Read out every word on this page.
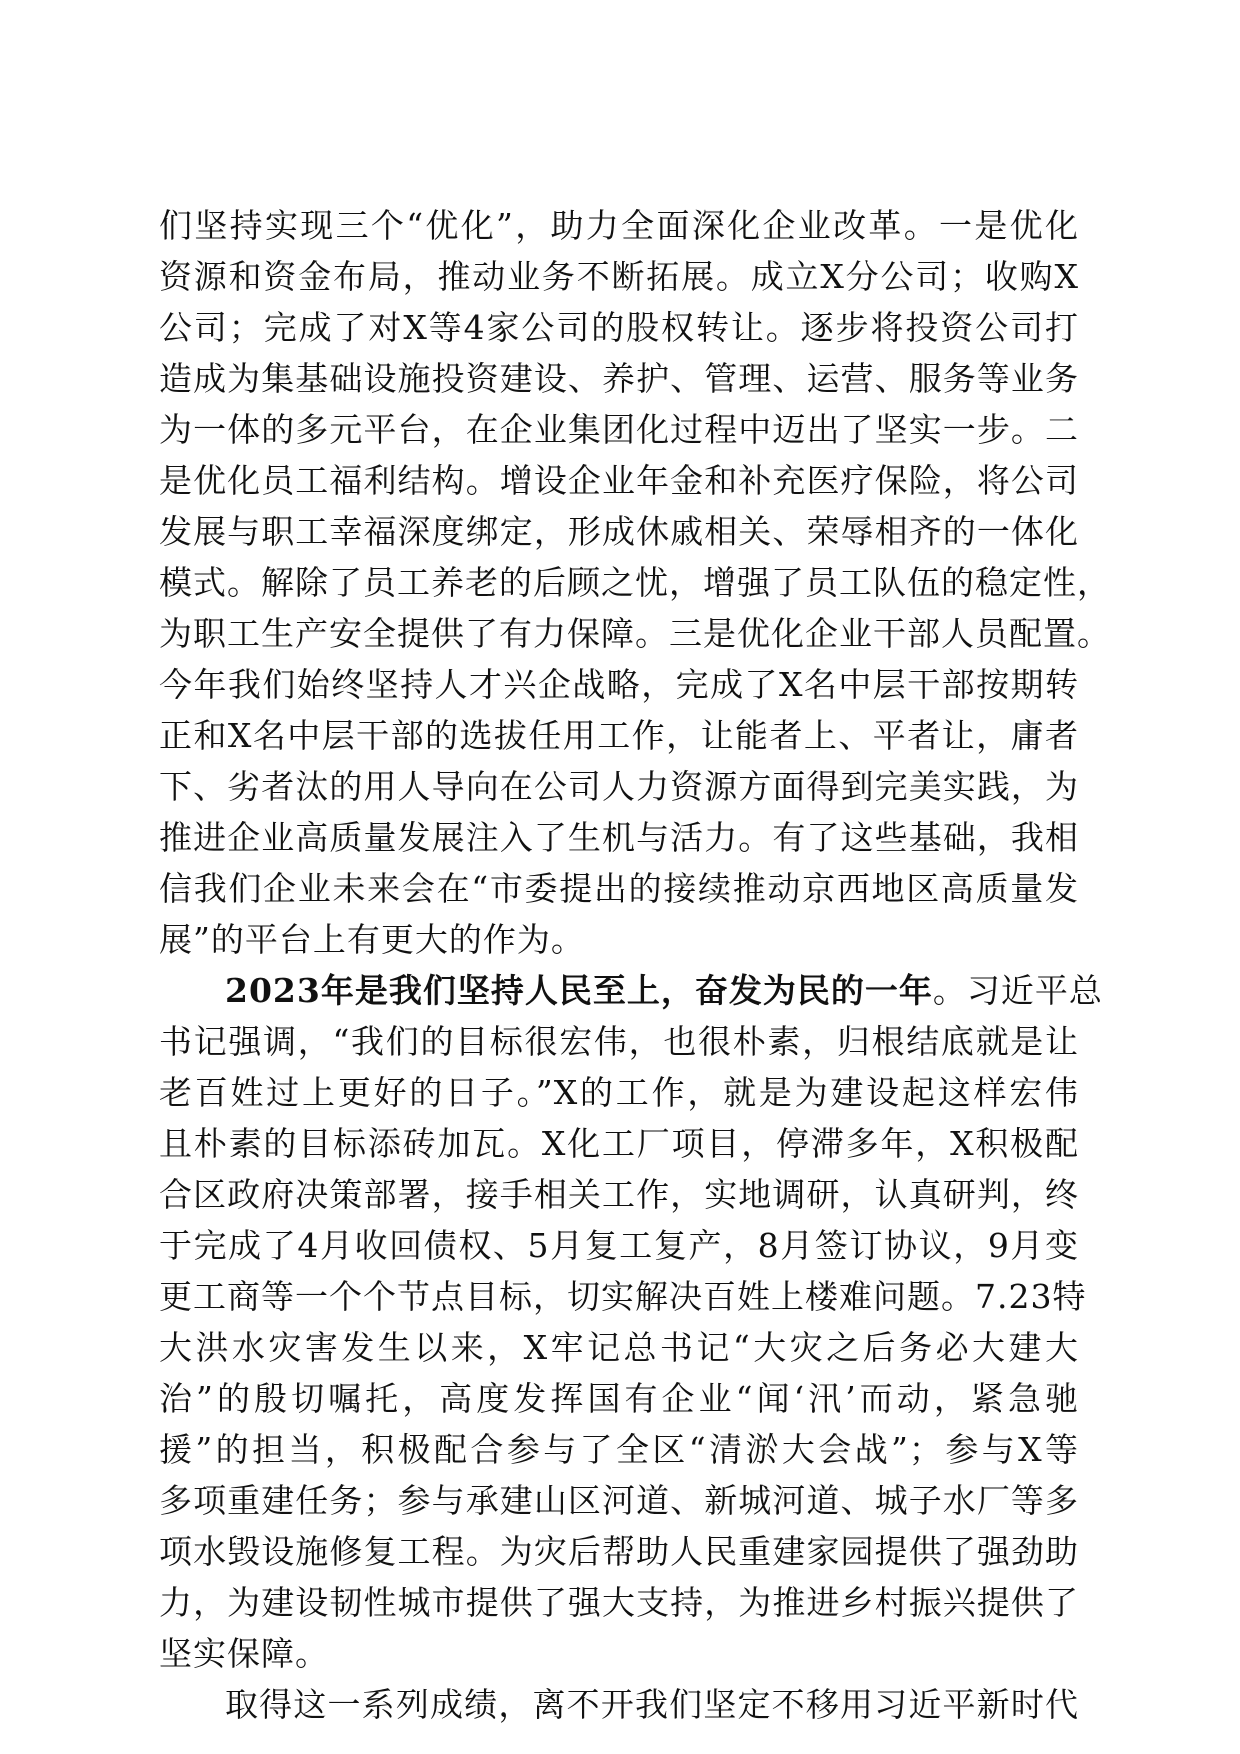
们坚持实现三个“优化”，助力全面深化企业改革。一是优化
资源和资金布局，推动业务不断拓展。成立X分公司；收购X
公司；完成了对X等4家公司的股权转让。逐步将投资公司打
造成为集基础设施投资建设、养护、管理、运营、服务等业务
为一体的多元平台，在企业集团化过程中迈出了坚实一步。二
是优化员工福利结构。增设企业年金和补充医疗保险，将公司
发展与职工幸福深度绑定，形成休戚相关、荣辱相齐的一体化
模式。解除了员工养老的后顾之忧，增强了员工队伍的稳定性，
为职工生产安全提供了有力保障。三是优化企业干部人员配置。
今年我们始终坚持人才兴企战略，完成了X名中层干部按期转
正和X名中层干部的选拔任用工作，让能者上、平者让，庸者
下、劣者汰的用人导向在公司人力资源方面得到完美实践，为
推进企业高质量发展注入了生机与活力。有了这些基础，我相
信我们企业未来会在“市委提出的接续推动京西地区高质量发
展”的平台上有更大的作为。
2023年是我们坚持人民至上，奋发为民的一年。习近平总
书记强调，“我们的目标很宏伟，也很朴素，归根结底就是让
老百姓过上更好的日子。”X的工作，就是为建设起这样宏伟
且朴素的目标添砖加瓦。X化工厂项目，停滞多年，X积极配
合区政府决策部署，接手相关工作，实地调研，认真研判，终
于完成了4月收回债权、5月复工复产，8月签订协议，9月变
更工商等一个个节点目标，切实解决百姓上楼难问题。7.23特
大洪水灾害发生以来，X牢记总书记“大灾之后务必大建大
治”的殷切嘱托，高度发挥国有企业“闻‘汛’而动，紧急驰
援”的担当，积极配合参与了全区“清淤大会战”；参与X等
多项重建任务；参与承建山区河道、新城河道、城子水厂等多
项水毁设施修复工程。为灾后帮助人民重建家园提供了强劲助
力，为建设韧性城市提供了强大支持，为推进乡村振兴提供了
坚实保障。
取得这一系列成绩，离不开我们坚定不移用习近平新时代
